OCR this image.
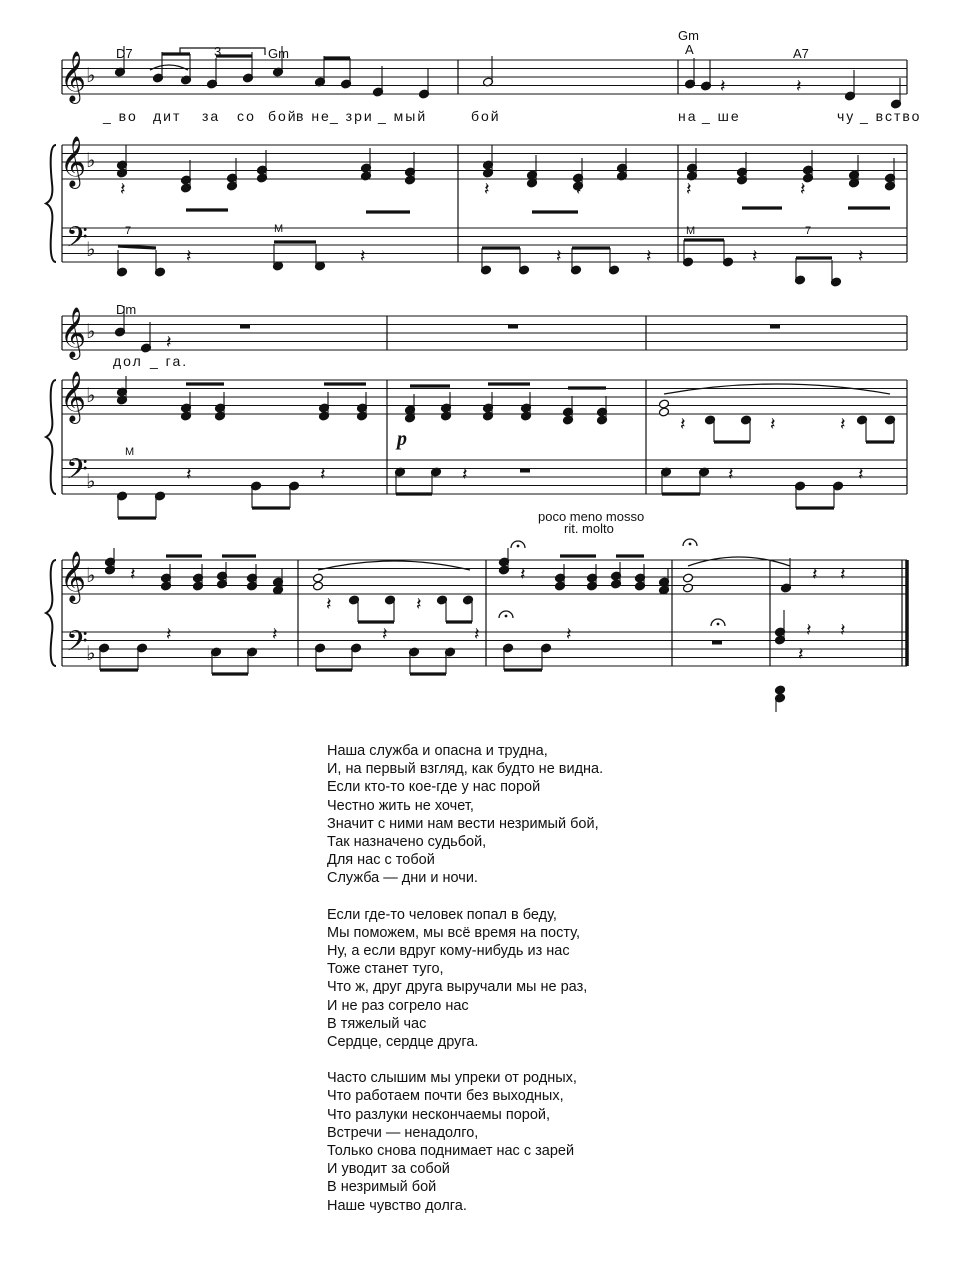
𝄞
𝄞
𝄢
♭
♭
♭
𝄞
𝄞
𝄢
♭
♭
♭
𝄞
𝄢
♭
♭
𝄽	𝄽
𝄽	𝄽	𝄽	𝄽	𝄽
𝄽	𝄽	𝄽	𝄽	𝄽	𝄽
𝄽
𝄽
𝄽	𝄽
𝄽	𝄽	𝄽	𝄽	𝄽
𝄽	𝄽
𝄽	𝄽
𝄽 𝄽
𝄽	𝄽	𝄽	𝄽	𝄽	𝄽 𝄽
𝄽
D7	3	Gm
Gm
A	A7
_ во дит за со бой
в не _ зри _ мый	бой	на _ ше	чу _ вство
7	М	М	7
Dm
дол _ га.
М
p
poco meno mosso
rit. molto
Наша служба и опасна и трудна,
И, на первый взгляд, как будто не видна.
Если кто-то кое-где у нас порой
Честно жить не хочет,
Значит с ними нам вести незримый бой,
Так назначено судьбой,
Для нас с тобой
Служба — дни и ночи.
Если где-то человек попал в беду,
Мы поможем, мы всё время на посту,
Ну, а если вдруг кому-нибудь из нас
Тоже станет туго,
Что ж, друг друга выручали мы не раз,
И не раз согрело нас
В тяжелый час
Сердце, сердце друга.
Часто слышим мы упреки от родных,
Что работаем почти без выходных,
Что разлуки нескончаемы порой,
Встречи — ненадолго,
Только снова поднимает нас с зарей
И уводит за собой
В незримый бой
Наше чувство долга.
